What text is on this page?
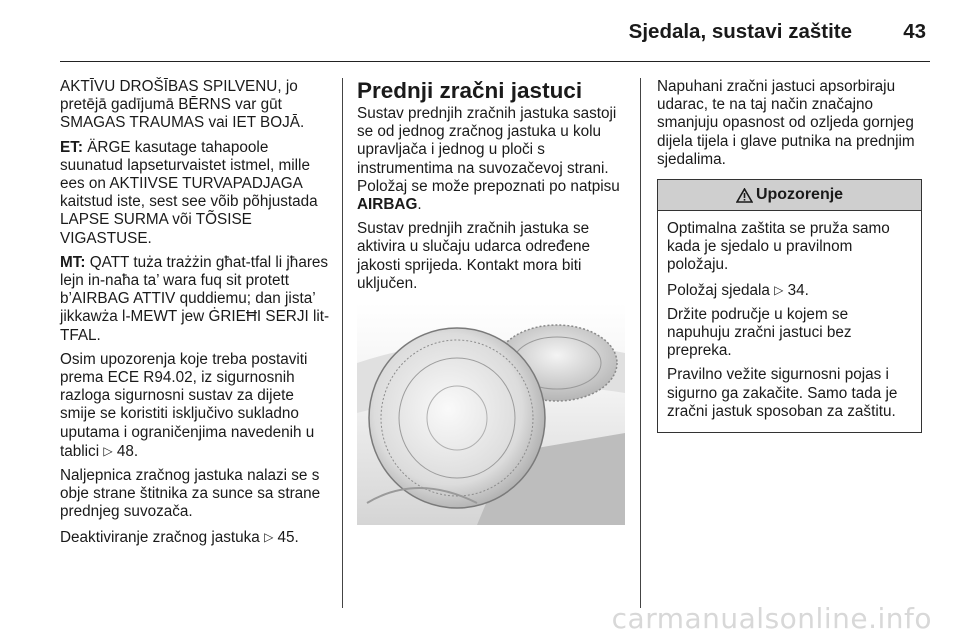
Sjedala, sustavi zaštite 43

AKTĪVU DROŠĪBAS SPILVENU, jo pretējā gadījumā BĒRNS var gūt SMAGAS TRAUMAS vai IET BOJĀ.

ET: ÄRGE kasutage tahapoole suunatud lapseturvaistet istmel, mille ees on AKTIIVSE TURVAPADJAGA kaitstud iste, sest see võib põhjustada LAPSE SURMA või TÕSISE VIGASTUSE.

MT: QATT tuża trażżin għat-tfal li jħares lejn in-naħa ta’ wara fuq sit protett b’AIRBAG ATTIV quddiemu; dan jista’ jikkawża l-MEWT jew ĠRIEĦI SERJI lit-TFAL.

Osim upozorenja koje treba postaviti prema ECE R94.02, iz sigurnosnih razloga sigurnosni sustav za dijete smije se koristiti isključivo sukladno uputama i ograničenjima navedenih u tablici ▷ 48.

Naljepnica zračnog jastuka nalazi se s obje strane štitnika za sunce sa strane prednjeg suvozača.

Deaktiviranje zračnog jastuka ▷ 45.

Prednji zračni jastuci

Sustav prednjih zračnih jastuka sastoji se od jednog zračnog jastuka u kolu upravljača i jednog u ploči s instrumentima na suvozačevoj strani. Položaj se može prepoznati po natpisu AIRBAG.

Sustav prednjih zračnih jastuka se aktivira u slučaju udarca određene jakosti sprijeda. Kontakt mora biti uključen.

Napuhani zračni jastuci apsorbiraju udarac, te na taj način značajno smanjuju opasnost od ozljeda gornjeg dijela tijela i glave putnika na prednjim sjedalima.

Upozorenje

Optimalna zaštita se pruža samo kada je sjedalo u pravilnom položaju.

Položaj sjedala ▷ 34.

Držite područje u kojem se napuhuju zračni jastuci bez prepreka.

Pravilno vežite sigurnosni pojas i sigurno ga zakačite. Samo tada je zračni jastuk sposoban za zaštitu.

carmanualsonline.info
